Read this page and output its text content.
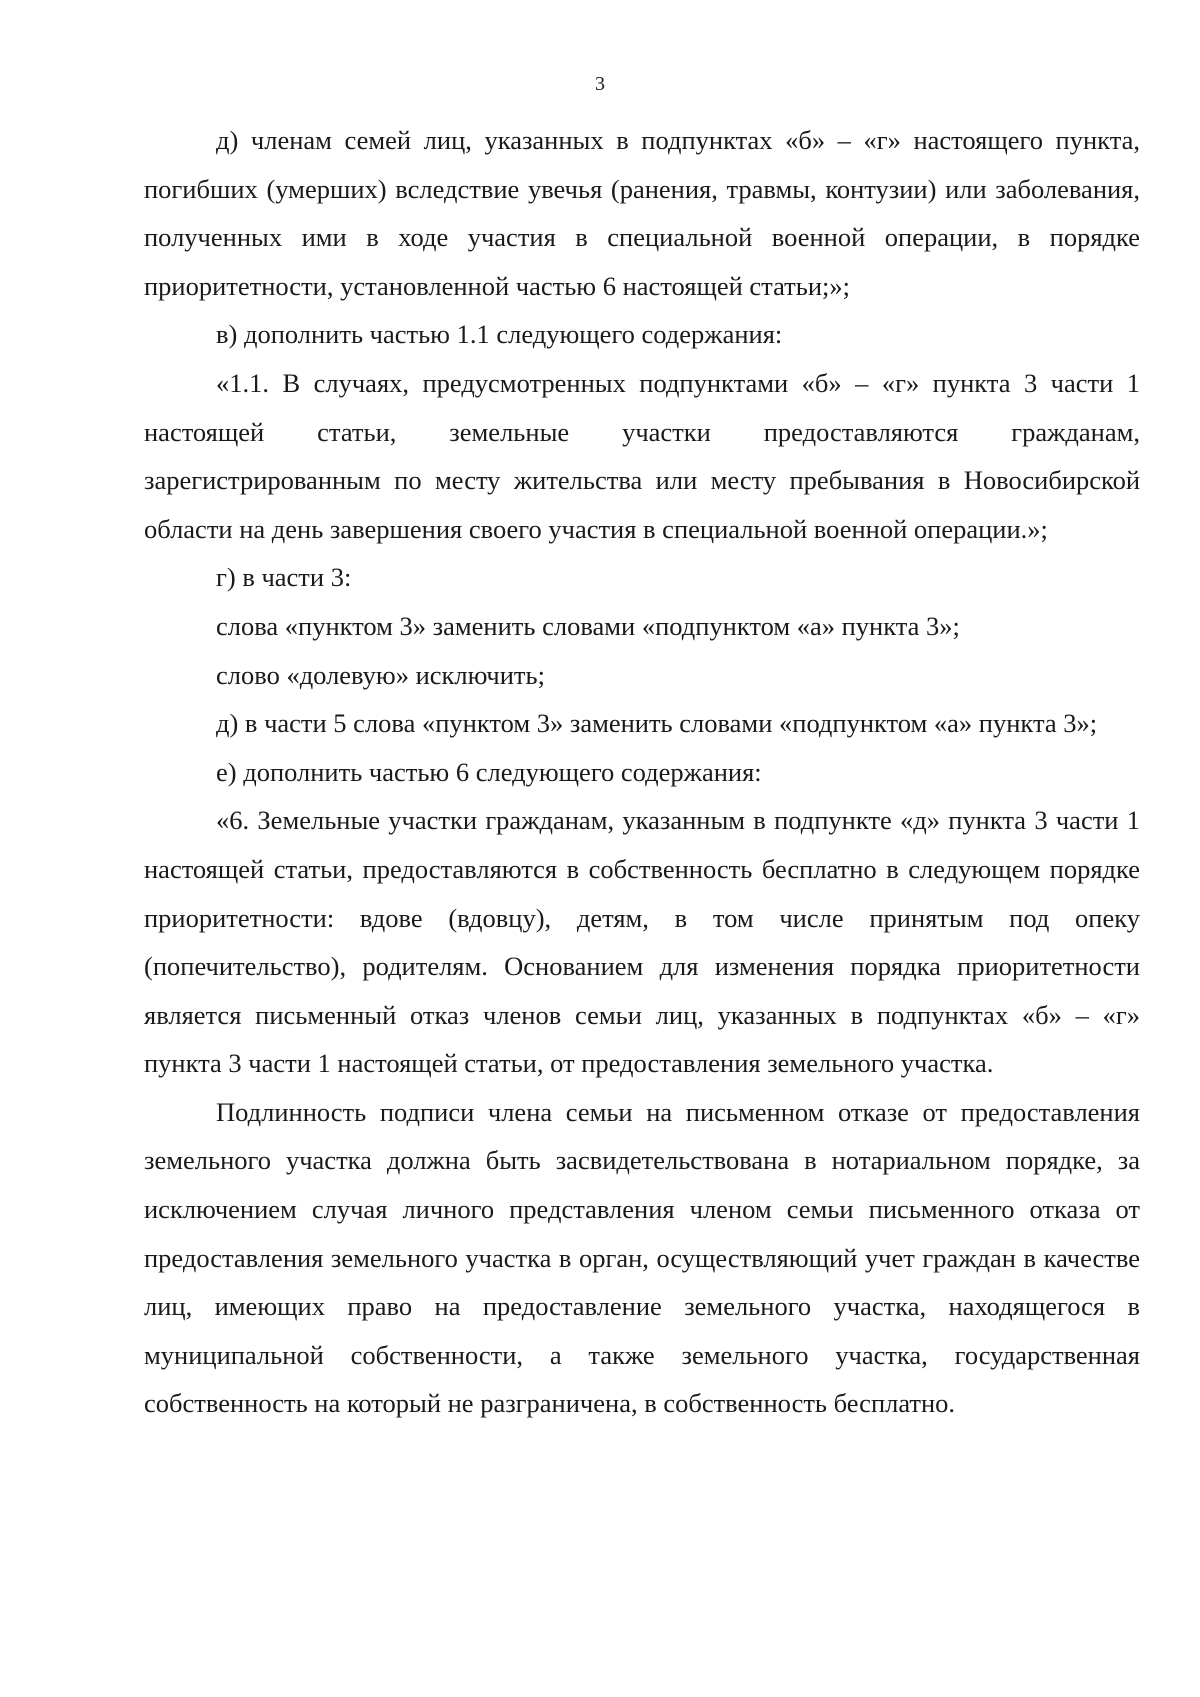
3

д) членам семей лиц, указанных в подпунктах «б» – «г» настоящего пункта, погибших (умерших) вследствие увечья (ранения, травмы, контузии) или заболевания, полученных ими в ходе участия в специальной военной операции, в порядке приоритетности, установленной частью 6 настоящей статьи;»;

в) дополнить частью 1.1 следующего содержания:

«1.1. В случаях, предусмотренных подпунктами «б» – «г» пункта 3 части 1 настоящей статьи, земельные участки предоставляются гражданам, зарегистрированным по месту жительства или месту пребывания в Новосибирской области на день завершения своего участия в специальной военной операции.»;

г) в части 3:

слова «пунктом 3» заменить словами «подпунктом «а» пункта 3»;

слово «долевую» исключить;

д) в части 5 слова «пунктом 3» заменить словами «подпунктом «а» пункта 3»;

е) дополнить частью 6 следующего содержания:

«6. Земельные участки гражданам, указанным в подпункте «д» пункта 3 части 1 настоящей статьи, предоставляются в собственность бесплатно в следующем порядке приоритетности: вдове (вдовцу), детям, в том числе принятым под опеку (попечительство), родителям. Основанием для изменения порядка приоритетности является письменный отказ членов семьи лиц, указанных в подпунктах «б» – «г» пункта 3 части 1 настоящей статьи, от предоставления земельного участка.

Подлинность подписи члена семьи на письменном отказе от предоставления земельного участка должна быть засвидетельствована в нотариальном порядке, за исключением случая личного представления членом семьи письменного отказа от предоставления земельного участка в орган, осуществляющий учет граждан в качестве лиц, имеющих право на предоставление земельного участка, находящегося в муниципальной собственности, а также земельного участка, государственная собственность на который не разграничена, в собственность бесплатно.
